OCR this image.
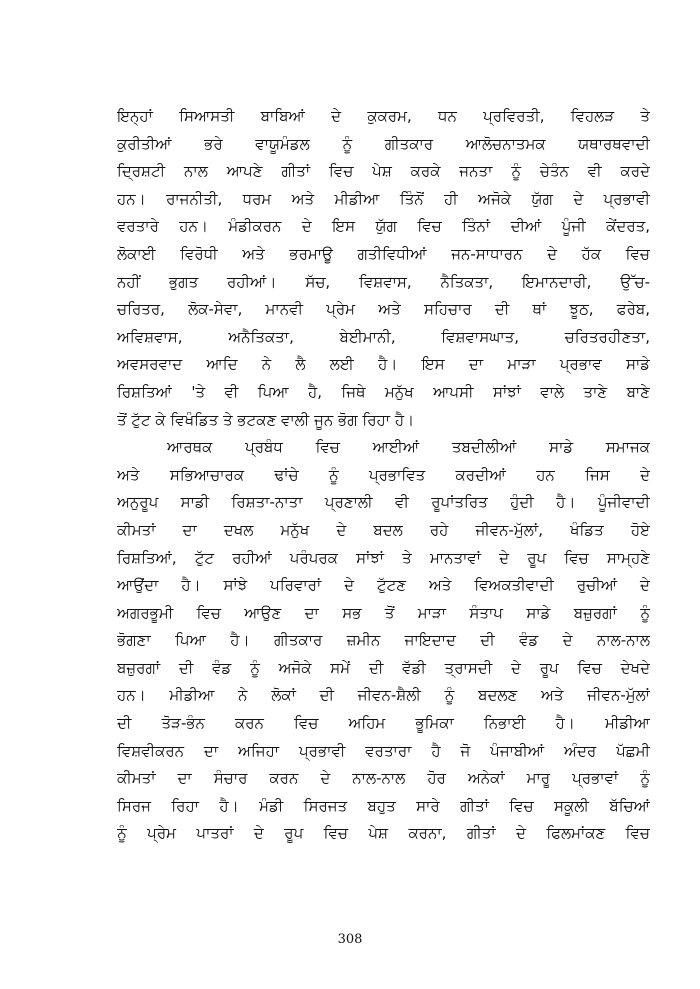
ਇਨ੍ਹਾਂ ਸਿਆਸਤੀ ਬਾਬਿਆਂ ਦੇ ਕੁਕਰਮ, ਧਨ ਪ੍ਰਵਿਰਤੀ, ਵਿਹਲੜ ਤੇ
ਕੁਰੀਤੀਆਂ ਭਰੇ ਵਾਯੂਮੰਡਲ ਨੂੰ ਗੀਤਕਾਰ ਆਲੋਚਨਾਤਮਕ ਯਥਾਰਥਵਾਦੀ
ਦ੍ਰਿਸ਼ਟੀ ਨਾਲ ਆਪਣੇ ਗੀਤਾਂ ਵਿਚ ਪੇਸ਼ ਕਰਕੇ ਜਨਤਾ ਨੂੰ ਚੇਤੰਨ ਵੀ ਕਰਦੇ
ਹਨ। ਰਾਜਨੀਤੀ, ਧਰਮ ਅਤੇ ਮੀਡੀਆ ਤਿੰਨੋਂ ਹੀ ਅਜੋਕੇ ਯੁੱਗ ਦੇ ਪ੍ਰਭਾਵੀ
ਵਰਤਾਰੇ ਹਨ। ਮੰਡੀਕਰਨ ਦੇ ਇਸ ਯੁੱਗ ਵਿਚ ਤਿੰਨਾਂ ਦੀਆਂ ਪੂੰਜੀ ਕੇਂਦਰਤ,
ਲੋਕਾਈ ਵਿਰੋਧੀ ਅਤੇ ਭਰਮਾਊ ਗਤੀਵਿਧੀਆਂ ਜਨ-ਸਾਧਾਰਨ ਦੇ ਹੱਕ ਵਿਚ
ਨਹੀਂ ਭੁਗਤ ਰਹੀਆਂ। ਸੱਚ, ਵਿਸ਼ਵਾਸ, ਨੈਤਿਕਤਾ, ਇਮਾਨਦਾਰੀ, ਉੱਚ-
ਚਰਿਤਰ, ਲੋਕ-ਸੇਵਾ, ਮਾਨਵੀ ਪ੍ਰੇਮ ਅਤੇ ਸਹਿਚਾਰ ਦੀ ਥਾਂ ਝੂਠ, ਫਰੇਬ,
ਅਵਿਸ਼ਵਾਸ, ਅਨੈਤਿਕਤਾ, ਬੇਈਮਾਨੀ, ਵਿਸ਼ਵਾਸਘਾਤ, ਚਰਿਤਰਹੀਣਤਾ,
ਅਵਸਰਵਾਦ ਆਦਿ ਨੇ ਲੈ ਲਈ ਹੈ। ਇਸ ਦਾ ਮਾੜਾ ਪ੍ਰਭਾਵ ਸਾਡੇ
ਰਿਸ਼ਤਿਆਂ 'ਤੇ ਵੀ ਪਿਆ ਹੈ, ਜਿਥੇ ਮਨੁੱਖ ਆਪਸੀ ਸਾਂਝਾਂ ਵਾਲੇ ਤਾਣੇ ਬਾਣੇ
ਤੋਂ ਟੁੱਟ ਕੇ ਵਿਖੰਡਿਤ ਤੇ ਭਟਕਣ ਵਾਲੀ ਜੂਨ ਭੋਗ ਰਿਹਾ ਹੈ।
ਆਰਥਕ ਪ੍ਰਬੰਧ ਵਿਚ ਆਈਆਂ ਤਬਦੀਲੀਆਂ ਸਾਡੇ ਸਮਾਜਕ
ਅਤੇ ਸਭਿਆਚਾਰਕ ਢਾਂਚੇ ਨੂੰ ਪ੍ਰਭਾਵਿਤ ਕਰਦੀਆਂ ਹਨ ਜਿਸ ਦੇ
ਅਨੁਰੂਪ ਸਾਡੀ ਰਿਸ਼ਤਾ-ਨਾਤਾ ਪ੍ਰਣਾਲੀ ਵੀ ਰੂਪਾਂਤਰਿਤ ਹੁੰਦੀ ਹੈ। ਪੂੰਜੀਵਾਦੀ
ਕੀਮਤਾਂ ਦਾ ਦਖਲ ਮਨੁੱਖ ਦੇ ਬਦਲ ਰਹੇ ਜੀਵਨ-ਮੁੱਲਾਂ, ਖੰਡਿਤ ਹੋਏ
ਰਿਸ਼ਤਿਆਂ, ਟੁੱਟ ਰਹੀਆਂ ਪਰੰਪਰਕ ਸਾਂਝਾਂ ਤੇ ਮਾਨਤਾਵਾਂ ਦੇ ਰੂਪ ਵਿਚ ਸਾਮ੍ਹਣੇ
ਆਉਂਦਾ ਹੈ। ਸਾਂਝੇ ਪਰਿਵਾਰਾਂ ਦੇ ਟੁੱਟਣ ਅਤੇ ਵਿਅਕਤੀਵਾਦੀ ਰੁਚੀਆਂ ਦੇ
ਅਗਰਭੂਮੀ ਵਿਚ ਆਉਣ ਦਾ ਸਭ ਤੋਂ ਮਾੜਾ ਸੰਤਾਪ ਸਾਡੇ ਬਜ਼ੁਰਗਾਂ ਨੂੰ
ਭੋਗਣਾ ਪਿਆ ਹੈ। ਗੀਤਕਾਰ ਜ਼ਮੀਨ ਜਾਇਦਾਦ ਦੀ ਵੰਡ ਦੇ ਨਾਲ-ਨਾਲ
ਬਜ਼ੁਰਗਾਂ ਦੀ ਵੰਡ ਨੂੰ ਅਜੋਕੇ ਸਮੇਂ ਦੀ ਵੱਡੀ ਤ੍ਰਾਸਦੀ ਦੇ ਰੂਪ ਵਿਚ ਦੇਖਦੇ
ਹਨ। ਮੀਡੀਆ ਨੇ ਲੋਕਾਂ ਦੀ ਜੀਵਨ-ਸ਼ੈਲੀ ਨੂੰ ਬਦਲਣ ਅਤੇ ਜੀਵਨ-ਮੁੱਲਾਂ
ਦੀ ਤੋੜ-ਭੰਨ ਕਰਨ ਵਿਚ ਅਹਿਮ ਭੂਮਿਕਾ ਨਿਭਾਈ ਹੈ। ਮੀਡੀਆ
ਵਿਸ਼ਵੀਕਰਨ ਦਾ ਅਜਿਹਾ ਪ੍ਰਭਾਵੀ ਵਰਤਾਰਾ ਹੈ ਜੋ ਪੰਜਾਬੀਆਂ ਅੰਦਰ ਪੱਛਮੀ
ਕੀਮਤਾਂ ਦਾ ਸੰਚਾਰ ਕਰਨ ਦੇ ਨਾਲ-ਨਾਲ ਹੋਰ ਅਨੇਕਾਂ ਮਾਰੂ ਪ੍ਰਭਾਵਾਂ ਨੂੰ
ਸਿਰਜ ਰਿਹਾ ਹੈ। ਮੰਡੀ ਸਿਰਜਤ ਬਹੁਤ ਸਾਰੇ ਗੀਤਾਂ ਵਿਚ ਸਕੂਲੀ ਬੱਚਿਆਂ
ਨੂੰ ਪ੍ਰੇਮ ਪਾਤਰਾਂ ਦੇ ਰੂਪ ਵਿਚ ਪੇਸ਼ ਕਰਨਾ, ਗੀਤਾਂ ਦੇ ਫਿਲਮਾਂਕਣ ਵਿਚ
308
